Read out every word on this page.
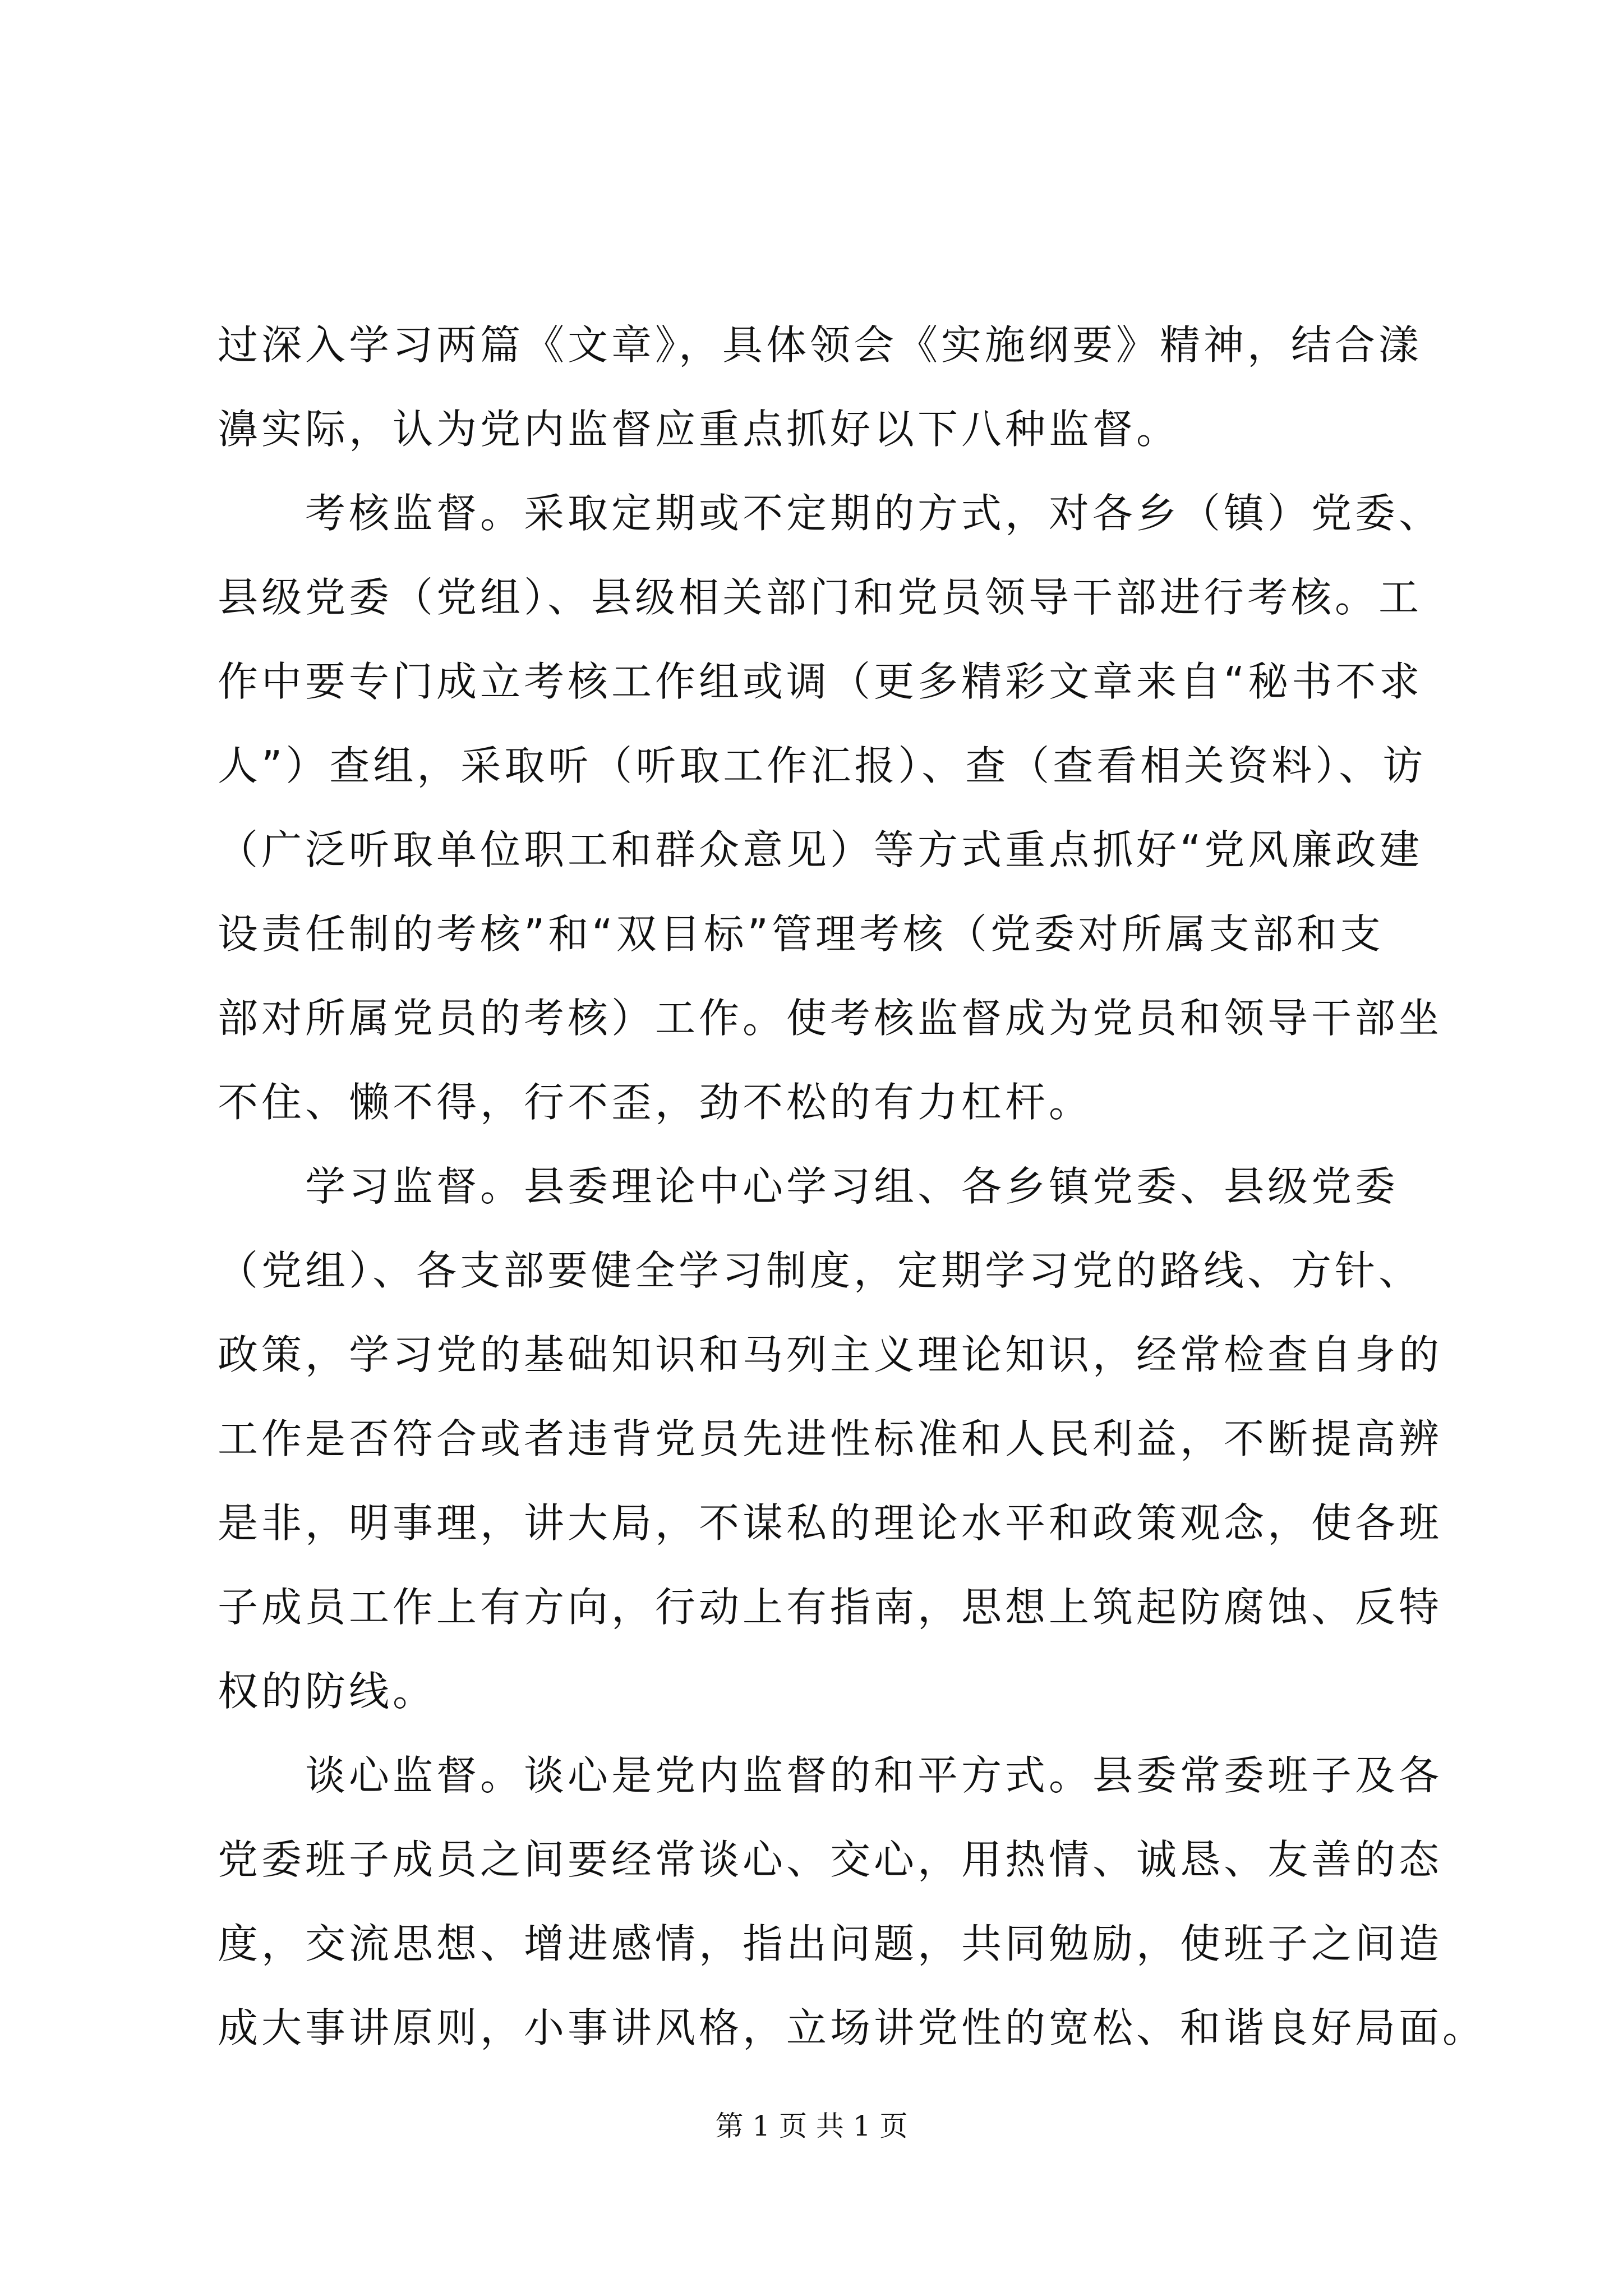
过深入学习两篇《文章》，具体领会《实施纲要》精神，结合漾
濞实际，认为党内监督应重点抓好以下八种监督。
　　考核监督。采取定期或不定期的方式，对各乡（镇）党委、
县级党委（党组）、县级相关部门和党员领导干部进行考核。工
作中要专门成立考核工作组或调（更多精彩文章来自“秘书不求
人”）查组，采取听（听取工作汇报）、查（查看相关资料）、访
（广泛听取单位职工和群众意见）等方式重点抓好“党风廉政建
设责任制的考核”和“双目标”管理考核（党委对所属支部和支
部对所属党员的考核）工作。使考核监督成为党员和领导干部坐
不住、懒不得，行不歪，劲不松的有力杠杆。
　　学习监督。县委理论中心学习组、各乡镇党委、县级党委
（党组）、各支部要健全学习制度，定期学习党的路线、方针、
政策，学习党的基础知识和马列主义理论知识，经常检查自身的
工作是否符合或者违背党员先进性标准和人民利益，不断提高辨
是非，明事理，讲大局，不谋私的理论水平和政策观念，使各班
子成员工作上有方向，行动上有指南，思想上筑起防腐蚀、反特
权的防线。
　　谈心监督。谈心是党内监督的和平方式。县委常委班子及各
党委班子成员之间要经常谈心、交心，用热情、诚恳、友善的态
度，交流思想、增进感情，指出问题，共同勉励，使班子之间造
成大事讲原则，小事讲风格，立场讲党性的宽松、和谐良好局面。
第 1 页 共 1 页
